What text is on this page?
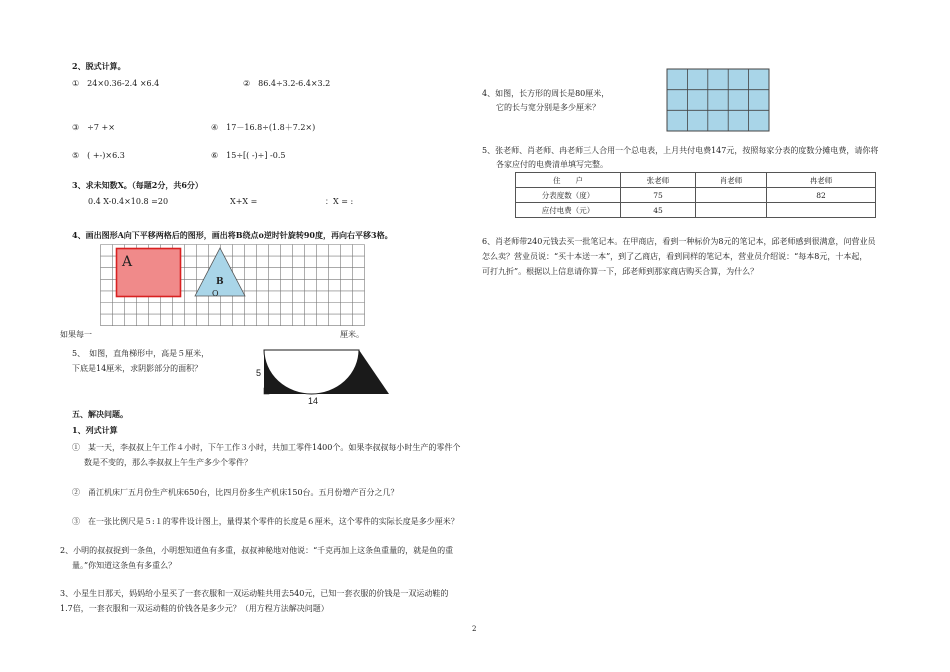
2、脱式计算。
①　24×0.36-2.4 ×6.4	②　86.4÷3.2-6.4×3.2
③　÷7 +×	④　17－16.8÷(1.8＋7.2×)
⑤　( +-)×6.3	⑥　15÷[( -)÷] -0.5
3、求未知数X。（每题2分，共6分）
0.4 X-0.4×10.8 =20	X+X =	：X = :
4、画出图形A向下平移两格后的图形，画出将B绕点o逆时针旋转90度，再向右平移3格。
A
B
O
如果每一	厘米。
5、　如图，直角梯形中，高是５厘米，
下底是14厘米，求阴影部分的面积？	5
14
五、解决问题。
1、列式计算
①　某一天，李叔叔上午工作４小时，下午工作３小时，共加工零件1400个。如果李叔叔每小时生产的零件个
数是不变的，那么李叔叔上午生产多少个零件？
②　甬江机床厂五月份生产机床650台，比四月份多生产机床150台。五月份增产百分之几？
③　在一张比例尺是５:１的零件设计图上，量得某个零件的长度是６厘米，这个零件的实际长度是多少厘米？
2、小明的叔叔捉到一条鱼，小明想知道鱼有多重，叔叔神秘地对他说：“千克再加上这条鱼重量的，就是鱼的重
量。”你知道这条鱼有多重么？
3、小星生日那天，妈妈给小星买了一套衣服和一双运动鞋共用去540元，已知一套衣服的价钱是一双运动鞋的
1.7倍，一套衣服和一双运动鞋的价钱各是多少元？（用方程方法解决问题）
4、如图，长方形的周长是80厘米，
它的长与宽分别是多少厘米？
5、张老师、肖老师、冉老师三人合用一个总电表，上月共付电费147元，按照每家分表的度数分摊电费，请你将
各家应付的电费清单填写完整。
住　　户	张老师	肖老师	冉老师
分表度数（度）	75		82
应付电费（元）	45		
6、肖老师带240元钱去买一批笔记本。在甲商店，看到一种标价为8元的笔记本，邱老师感到很满意，问营业员
怎么卖？营业员说：“买十本送一本”，到了乙商店，看到同样的笔记本，营业员介绍说：“每本8元，十本起，
可打九折”。根据以上信息请你算一下，邱老师到那家商店购买合算，为什么？
2
